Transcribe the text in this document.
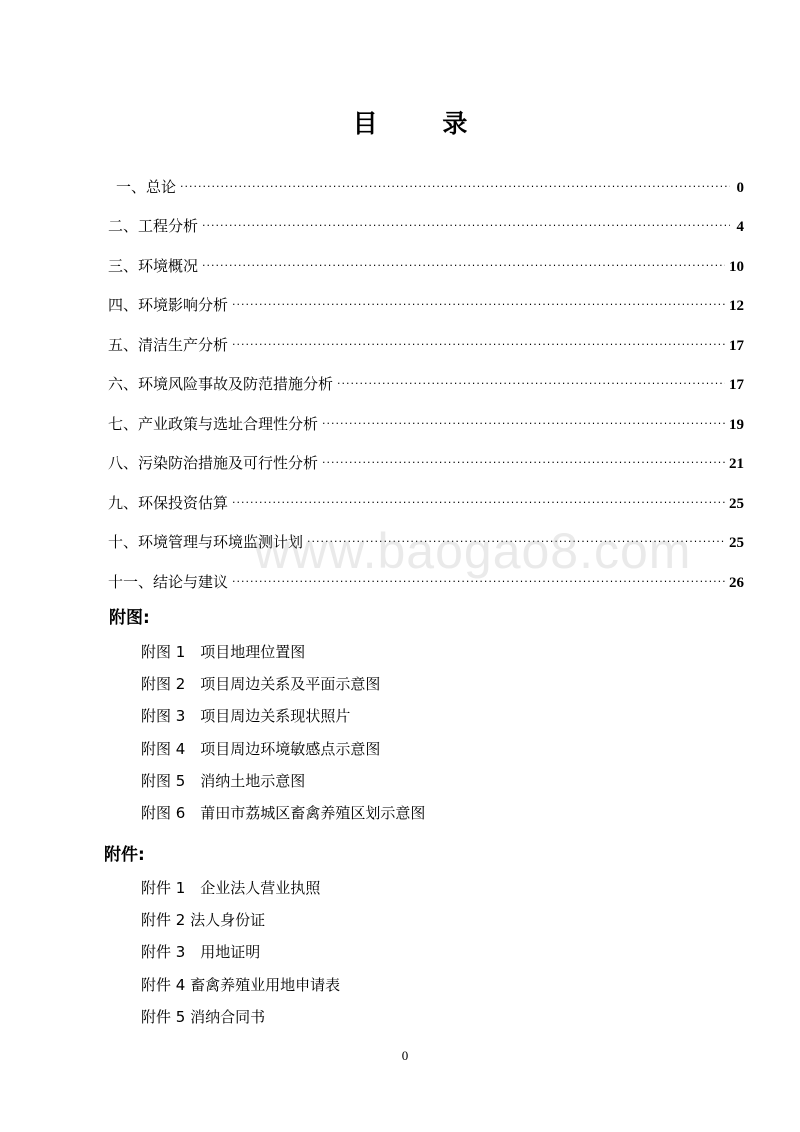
目 录
一、总论 ·····	0
二、工程分析 ·····	4
三、环境概况 ·····	10
四、环境影响分析 ·····	12
五、清洁生产分析 ·····	17
六、环境风险事故及防范措施分析 ·····	17
七、产业政策与选址合理性分析 ·····	19
八、污染防治措施及可行性分析 ·····	21
九、环保投资估算 ·····	25
十、环境管理与环境监测计划 ·····	25
十一、结论与建议 ·····	26
www.baogao8.com
附图:
附图 1　项目地理位置图
附图 2　项目周边关系及平面示意图
附图 3　项目周边关系现状照片
附图 4　项目周边环境敏感点示意图
附图 5　消纳土地示意图
附图 6　莆田市荔城区畜禽养殖区划示意图
附件:
附件 1　企业法人营业执照
附件 2 法人身份证
附件 3　用地证明
附件 4 畜禽养殖业用地申请表
附件 5 消纳合同书
0
